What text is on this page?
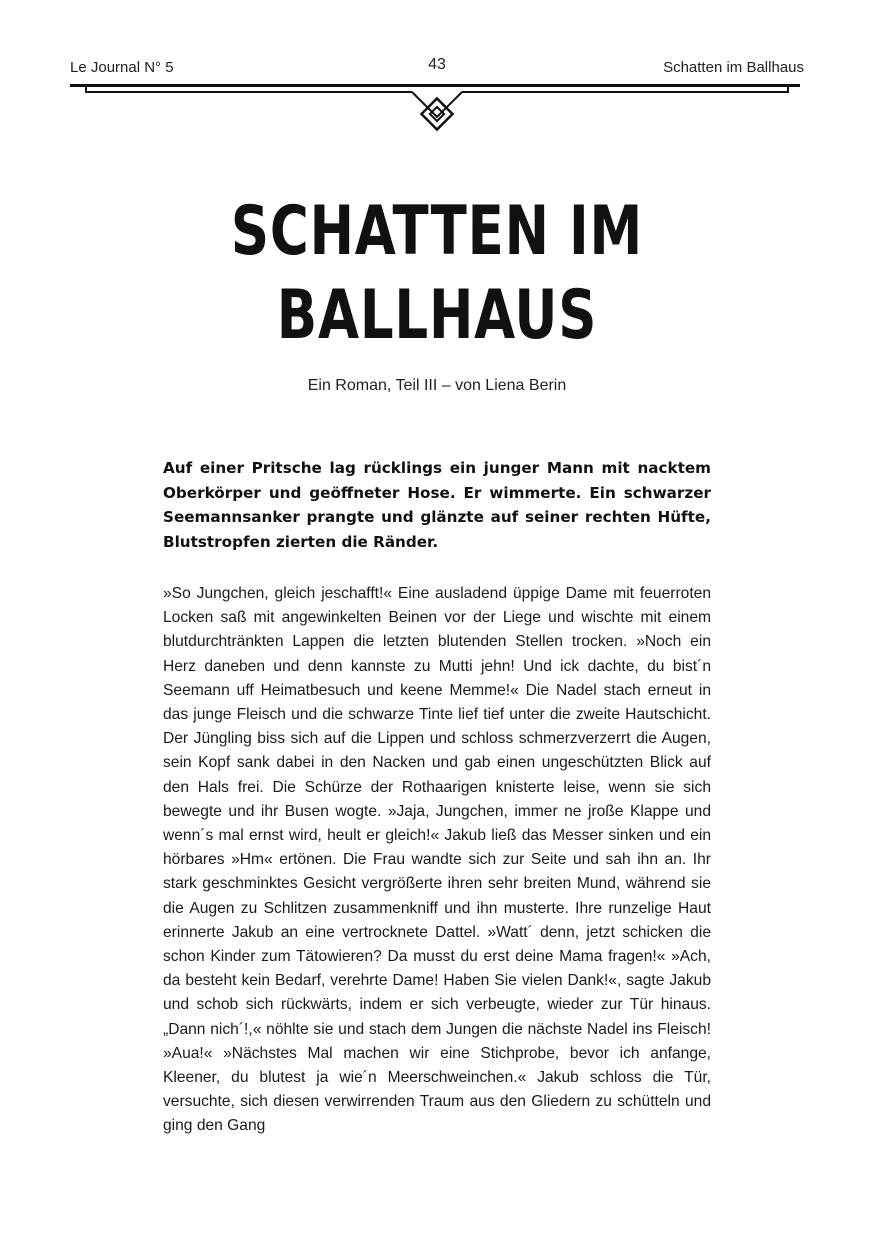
Le Journal N° 5	43	Schatten im Ballhaus
SCHATTEN IM BALLHAUS
Ein Roman, Teil III – von Liena Berin

Auf einer Pritsche lag rücklings ein junger Mann mit nacktem Oberkörper und geöffneter Hose. Er wimmerte. Ein schwarzer Seemannsanker prangte und glänzte auf seiner rechten Hüfte, Blutstropfen zierten die Ränder.

»So Jungchen, gleich jeschafft!« Eine ausladend üppige Dame mit feuerroten Locken saß mit angewinkelten Beinen vor der Liege und wischte mit einem blutdurchtränkten Lappen die letzten blutenden Stellen trocken. »Noch ein Herz daneben und denn kannste zu Mutti jehn! Und ick dachte, du bist´n Seemann uff Heimatbesuch und keene Memme!« Die Nadel stach erneut in das junge Fleisch und die schwarze Tinte lief tief unter die zweite Hautschicht. Der Jüngling biss sich auf die Lippen und schloss schmerzverzerrt die Augen, sein Kopf sank dabei in den Nacken und gab einen ungeschützten Blick auf den Hals frei. Die Schürze der Rothaarigen knisterte leise, wenn sie sich bewegte und ihr Busen wogte. »Jaja, Jungchen, immer ne jroße Klappe und wenn´s mal ernst wird, heult er gleich!« Jakub ließ das Messer sinken und ein hörbares »Hm« ertönen. Die Frau wandte sich zur Seite und sah ihn an. Ihr stark geschminktes Gesicht vergrößerte ihren sehr breiten Mund, während sie die Augen zu Schlitzen zusammenkniff und ihn musterte. Ihre runzelige Haut erinnerte Jakub an eine vertrocknete Dattel. »Watt´ denn, jetzt schicken die schon Kinder zum Tätowieren? Da musst du erst deine Mama fragen!« »Ach, da besteht kein Bedarf, verehrte Dame! Haben Sie vielen Dank!«, sagte Jakub und schob sich rückwärts, indem er sich verbeugte, wieder zur Tür hinaus. „Dann nich´!,« nöhlte sie und stach dem Jungen die nächste Nadel ins Fleisch! »Aua!« »Nächstes Mal machen wir eine Stichprobe, bevor ich anfange, Kleener, du blutest ja wie´n Meerschweinchen.« Jakub schloss die Tür, versuchte, sich diesen verwirrenden Traum aus den Gliedern zu schütteln und ging den Gang
